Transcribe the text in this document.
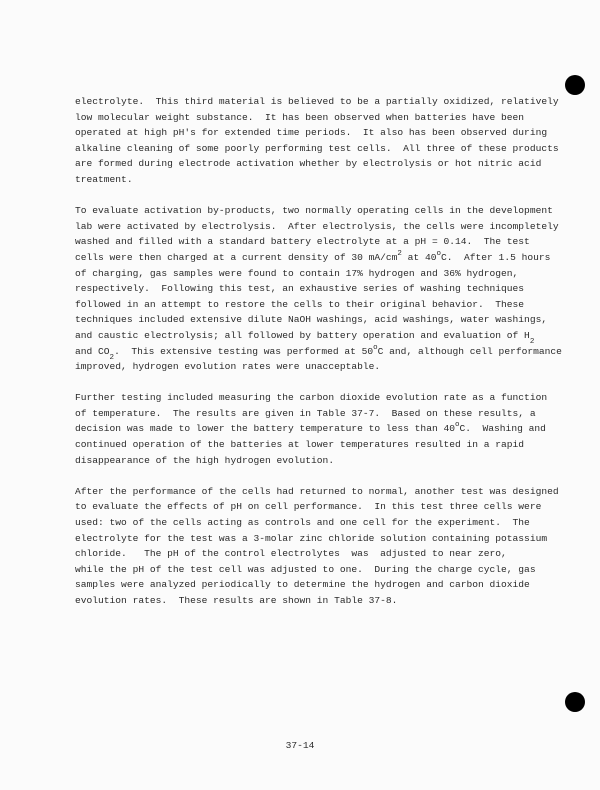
electrolyte.  This third material is believed to be a partially oxidized, relatively
low molecular weight substance.  It has been observed when batteries have been
operated at high pH's for extended time periods.  It also has been observed during
alkaline cleaning of some poorly performing test cells.  All three of these products
are formed during electrode activation whether by electrolysis or hot nitric acid
treatment.
To evaluate activation by-products, two normally operating cells in the development
lab were activated by electrolysis.  After electrolysis, the cells were incompletely
washed and filled with a standard battery electrolyte at a pH = 0.14.  The test
cells were then charged at a current density of 30 $mA/cm^2$ at 40$^o$C.  After 1.5 hours
of charging, gas samples were found to contain 17% hydrogen and 36% hydrogen,
respectively.  Following this test, an exhaustive series of washing techniques
followed in an attempt to restore the cells to their original behavior.  These
techniques included extensive dilute NaOH washings, acid washings, water washings,
and caustic electrolysis; all followed by battery operation and evaluation of $H_2$
and $CO_2$.  This extensive testing was performed at 50$^o$C and, although cell performance
improved, hydrogen evolution rates were unacceptable.
Further testing included measuring the carbon dioxide evolution rate as a function
of temperature.  The results are given in Table 37-7.  Based on these results, a
decision was made to lower the battery temperature to less than 40$^o$C.  Washing and
continued operation of the batteries at lower temperatures resulted in a rapid
disappearance of the high hydrogen evolution.
After the performance of the cells had returned to normal, another test was designed
to evaluate the effects of pH on cell performance.  In this test three cells were
used: two of the cells acting as controls and one cell for the experiment.  The
electrolyte for the test was a 3-molar zinc chloride solution containing potassium
chloride.   The pH of the control electrolytes  was  adjusted to near zero,
while the pH of the test cell was adjusted to one.  During the charge cycle, gas
samples were analyzed periodically to determine the hydrogen and carbon dioxide
evolution rates.  These results are shown in Table 37-8.
37-14
